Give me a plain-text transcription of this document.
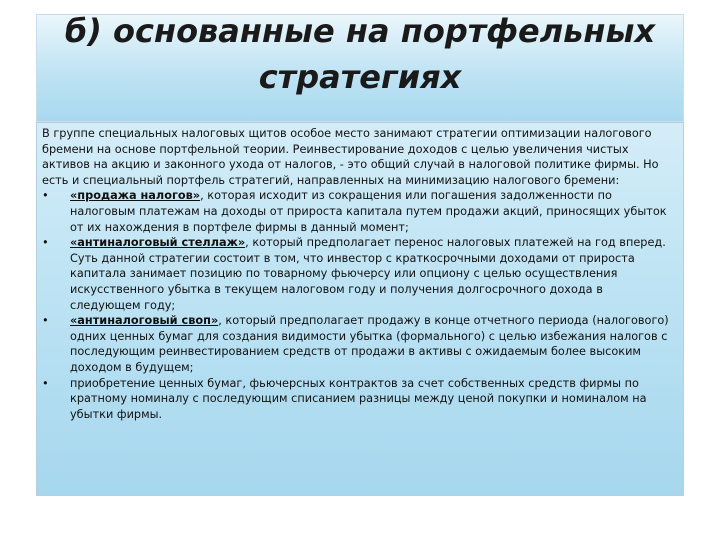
б) основанные на портфельных
стратегиях

В группе специальных налоговых щитов особое место занимают стратегии оптимизации налогового бремени на основе портфельной теории. Реинвестирование доходов с целью увеличения чистых активов на акцию и законного ухода от налогов, - это общий случай в налоговой политике фирмы. Но есть и специальный портфель стратегий, направленных на минимизацию налогового бремени:

•	«продажа налогов», которая исходит из сокращения или погашения задолженности по налоговым платежам на доходы от прироста капитала путем продажи акций, приносящих убыток от их нахождения в портфеле фирмы в данный момент;
•	«антиналоговый стеллаж», который предполагает перенос налоговых платежей на год вперед. Суть данной стратегии состоит в том, что инвестор с краткосрочными доходами от прироста капитала занимает позицию по товарному фьючерсу или опциону с целью осуществления искусственного убытка в текущем налоговом году и получения долгосрочного дохода в следующем году;
•	«антиналоговый своп», который предполагает продажу в конце отчетного периода (налогового) одних ценных бумаг для создания видимости убытка (формального) с целью избежания налогов с последующим реинвестированием средств от продажи в активы с ожидаемым более высоким доходом в будущем;
•	приобретение ценных бумаг, фьючерсных контрактов за счет собственных средств фирмы по кратному номиналу с последующим списанием разницы между ценой покупки и номиналом на убытки фирмы.
